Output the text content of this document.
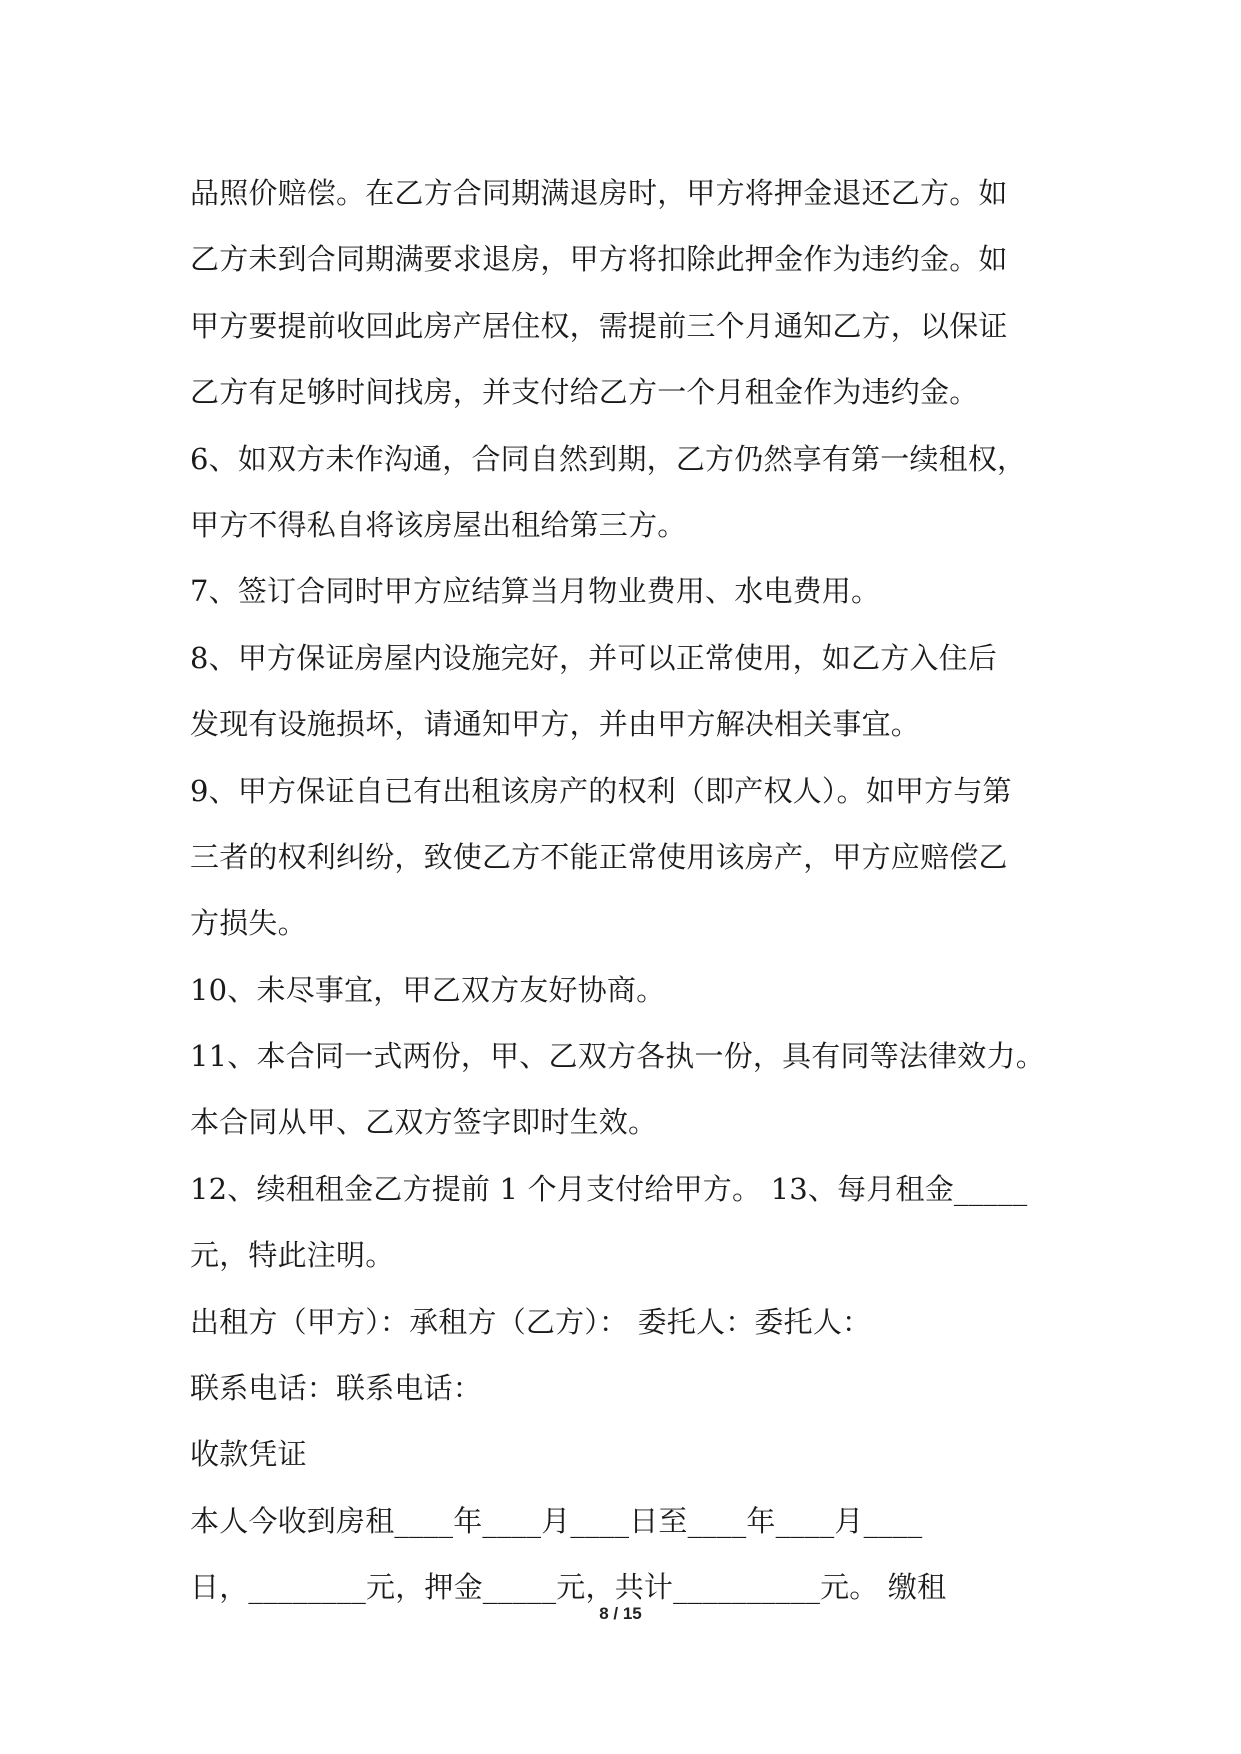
品照价赔偿。在乙方合同期满退房时，甲方将押金退还乙方。如
乙方未到合同期满要求退房，甲方将扣除此押金作为违约金。如
甲方要提前收回此房产居住权，需提前三个月通知乙方，以保证
乙方有足够时间找房，并支付给乙方一个月租金作为违约金。
6、如双方未作沟通，合同自然到期，乙方仍然享有第一续租权，
甲方不得私自将该房屋出租给第三方。
7、签订合同时甲方应结算当月物业费用、水电费用。
8、甲方保证房屋内设施完好，并可以正常使用，如乙方入住后
发现有设施损坏，请通知甲方，并由甲方解决相关事宜。
9、甲方保证自已有出租该房产的权利（即产权人）。如甲方与第
三者的权利纠纷，致使乙方不能正常使用该房产，甲方应赔偿乙
方损失。
10、未尽事宜，甲乙双方友好协商。
11、本合同一式两份，甲、乙双方各执一份，具有同等法律效力。
本合同从甲、乙双方签字即时生效。
12、续租租金乙方提前 1 个月支付给甲方。 13、每月租金_____
元，特此注明。
出租方（甲方）：承租方（乙方）： 委托人：委托人：
联系电话：联系电话：
收款凭证
本人今收到房租____年____月____日至____年____月____
日，________元，押金_____元，共计__________元。 缴租
8 / 15
